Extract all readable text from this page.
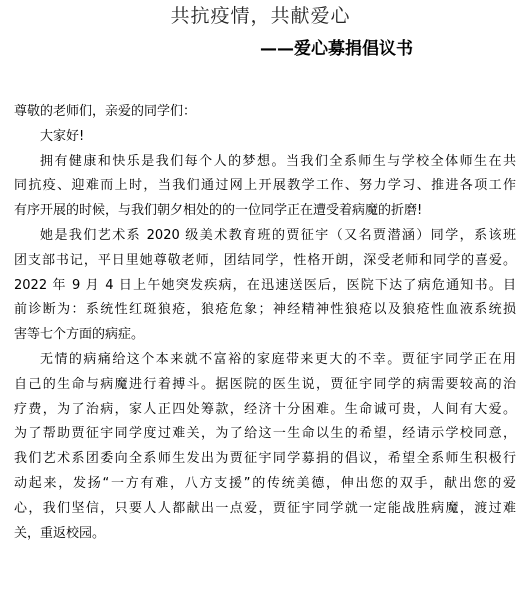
共抗疫情，共献爱心
——爱心募捐倡议书

尊敬的老师们，亲爱的同学们：

大家好!

拥有健康和快乐是我们每个人的梦想。当我们全系师生与学校全体师生在共

同抗疫、迎难而上时，当我们通过网上开展教学工作、努力学习、推进各项工作

有序开展的时候，与我们朝夕相处的的一位同学正在遭受着病魔的折磨!

她是我们艺术系 2020 级美术教育班的贾征宇（又名贾潜涵）同学，系该班

团支部书记，平日里她尊敬老师，团结同学，性格开朗，深受老师和同学的喜爱。

2022 年 9 月 4 日上午她突发疾病，在迅速送医后，医院下达了病危通知书。目

前诊断为：系统性红斑狼疮，狼疮危象；神经精神性狼疮以及狼疮性血液系统损

害等七个方面的病症。

无情的病痛给这个本来就不富裕的家庭带来更大的不幸。贾征宇同学正在用

自己的生命与病魔进行着搏斗。据医院的医生说，贾征宇同学的病需要较高的治

疗费，为了治病，家人正四处筹款，经济十分困难。生命诚可贵，人间有大爱。

为了帮助贾征宇同学度过难关，为了给这一生命以生的希望，经请示学校同意，

我们艺术系团委向全系师生发出为贾征宇同学募捐的倡议，希望全系师生积极行

动起来，发扬“一方有难，八方支援”的传统美德，伸出您的双手，献出您的爱

心，我们坚信，只要人人都献出一点爱，贾征宇同学就一定能战胜病魔，渡过难

关，重返校园。
